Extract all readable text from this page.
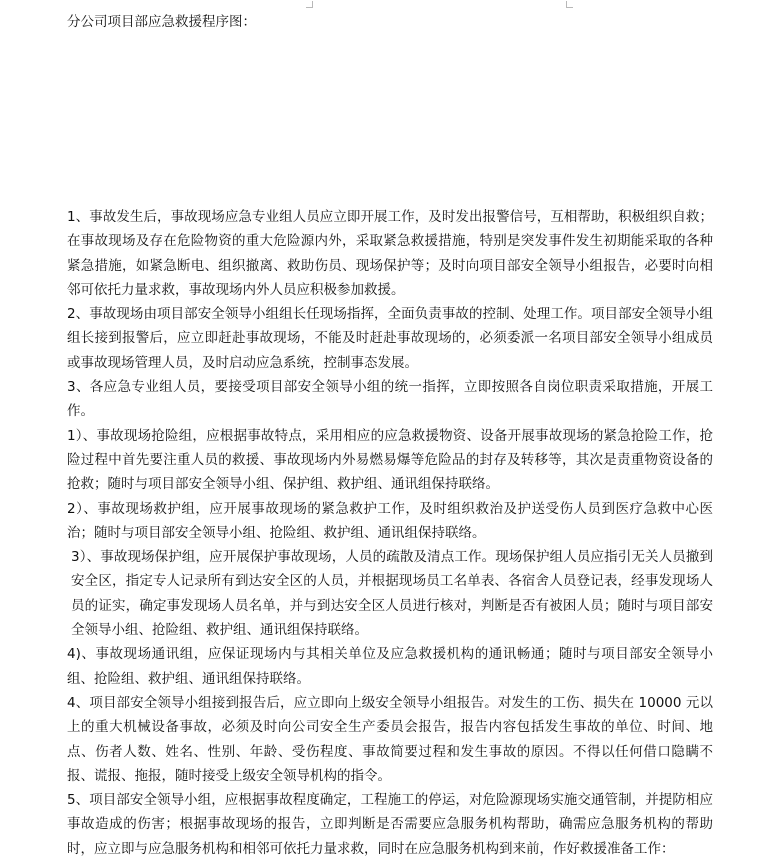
分公司项目部应急救援程序图：

1、事故发生后，事故现场应急专业组人员应立即开展工作，及时发出报警信号，互相帮助，积极组织自救；在事故现场及存在危险物资的重大危险源内外，采取紧急救援措施，特别是突发事件发生初期能采取的各种紧急措施，如紧急断电、组织撤离、救助伤员、现场保护等；及时向项目部安全领导小组报告，必要时向相邻可依托力量求救，事故现场内外人员应积极参加救援。

2、事故现场由项目部安全领导小组组长任现场指挥，全面负责事故的控制、处理工作。项目部安全领导小组组长接到报警后，应立即赶赴事故现场，不能及时赶赴事故现场的，必须委派一名项目部安全领导小组成员或事故现场管理人员，及时启动应急系统，控制事态发展。

3、各应急专业组人员，要接受项目部安全领导小组的统一指挥，立即按照各自岗位职责采取措施，开展工作。

1）、事故现场抢险组，应根据事故特点，采用相应的应急救援物资、设备开展事故现场的紧急抢险工作，抢险过程中首先要注重人员的救援、事故现场内外易燃易爆等危险品的封存及转移等，其次是责重物资设备的抢救；随时与项目部安全领导小组、保护组、救护组、通讯组保持联络。

2）、事故现场救护组，应开展事故现场的紧急救护工作，及时组织救治及护送受伤人员到医疗急救中心医治；随时与项目部安全领导小组、抢险组、救护组、通讯组保持联络。

3）、事故现场保护组，应开展保护事故现场，人员的疏散及清点工作。现场保护组人员应指引无关人员撤到安全区，指定专人记录所有到达安全区的人员，并根据现场员工名单表、各宿舍人员登记表，经事发现场人员的证实，确定事发现场人员名单，并与到达安全区人员进行核对，判断是否有被困人员；随时与项目部安全领导小组、抢险组、救护组、通讯组保持联络。

4)、事故现场通讯组，应保证现场内与其相关单位及应急救援机构的通讯畅通；随时与项目部安全领导小组、抢险组、救护组、通讯组保持联络。

4、项目部安全领导小组接到报告后，应立即向上级安全领导小组报告。对发生的工伤、损失在 10000 元以上的重大机械设备事故，必须及时向公司安全生产委员会报告，报告内容包括发生事故的单位、时间、地点、伤者人数、姓名、性别、年龄、受伤程度、事故简要过程和发生事故的原因。不得以任何借口隐瞒不报、谎报、拖报，随时接受上级安全领导机构的指令。

5、项目部安全领导小组，应根据事故程度确定，工程施工的停运，对危险源现场实施交通管制，并提防相应事故造成的伤害；根据事故现场的报告，立即判断是否需要应急服务机构帮助，确需应急服务机构的帮助时，应立即与应急服务机构和相邻可依托力量求救，同时在应急服务机构到来前，作好救援准备工作：
